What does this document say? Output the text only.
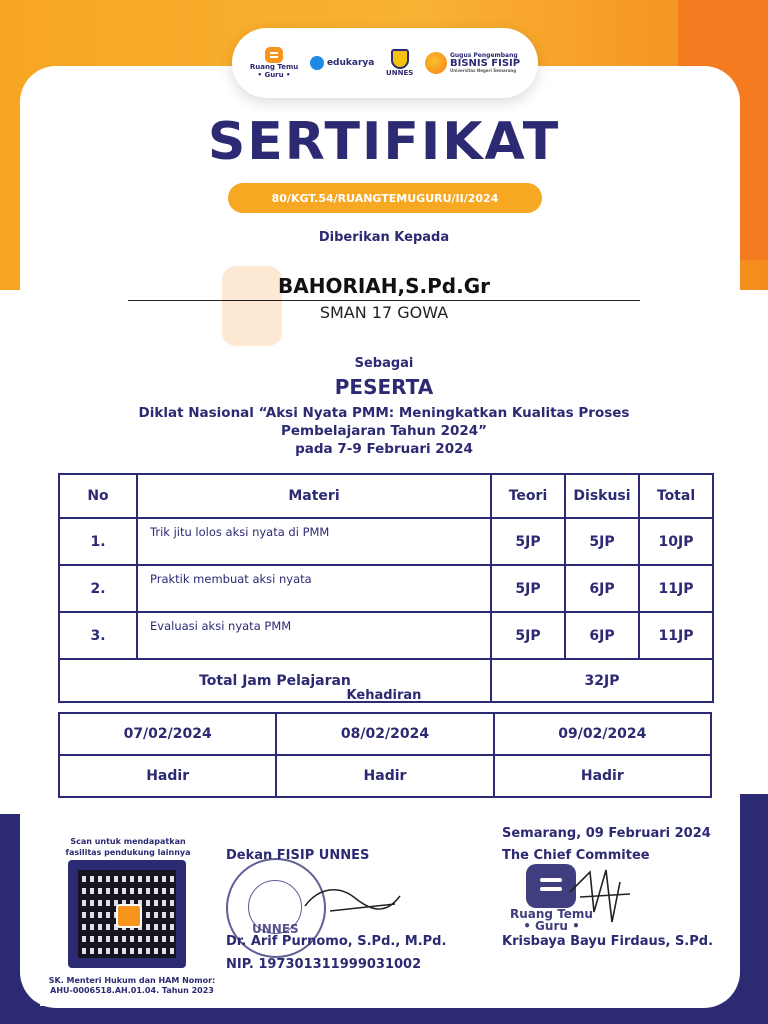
Ruang Temu
• Guru •
edukarya
UNNES
Gugus Pengembang
BISNIS FISIP
Universitas Negeri Semarang
SERTIFIKAT
80/KGT.54/RUANGTEMUGURU/II/2024
Diberikan Kepada
BAHORIAH,S.Pd.Gr
SMAN 17 GOWA
Sebagai
PESERTA
Diklat Nasional “Aksi Nyata PMM: Meningkatkan Kualitas Proses
Pembelajaran Tahun 2024”
pada 7-9 Februari 2024
No	Materi	Teori	Diskusi	Total
1.	Trik jitu lolos aksi nyata di PMM	5JP	5JP	10JP
2.	Praktik membuat aksi nyata	5JP	6JP	11JP
3.	Evaluasi aksi nyata PMM	5JP	6JP	11JP
Total Jam Pelajaran		32JP		
Kehadiran
07/02/2024	08/02/2024	09/02/2024
Hadir	Hadir	Hadir
Scan untuk mendapatkan fasilitas pendukung lainnya
SK. Menteri Hukum dan HAM Nomor: AHU-0006518.AH.01.04. Tahun 2023
Dekan FISIP UNNES
UNNES
Dr. Arif Purnomo, S.Pd., M.Pd.
NIP. 197301311999031002
Semarang, 09 Februari 2024
The Chief Commitee
Ruang Temu
• Guru •
Krisbaya Bayu Firdaus, S.Pd.
